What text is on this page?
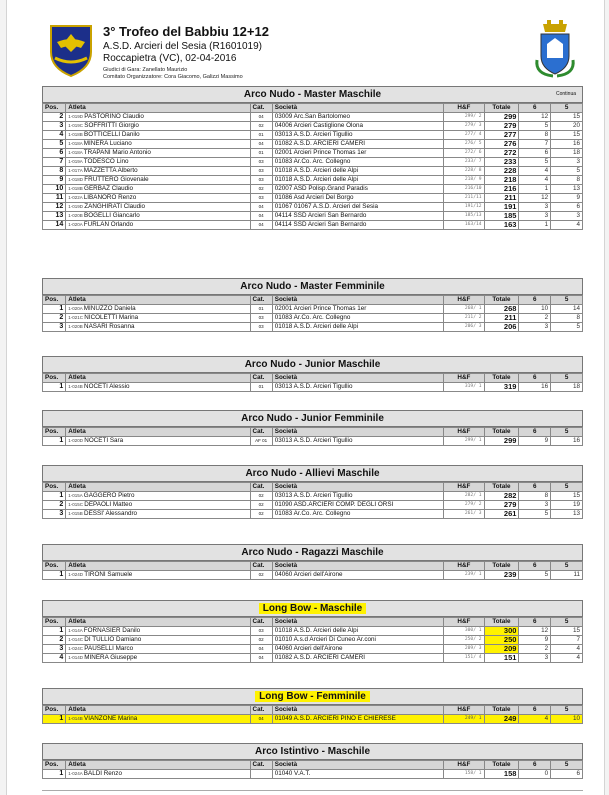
3° Trofeo del Babbiu 12+12
A.S.D. Arcieri del Sesia (R1601019)
Roccapietra (VC), 02-04-2016
Giudici di Gara: Zanellato Maurizio
Comitato Organizzatore: Cora Giacomo, Galizzi Massimo
Arco Nudo - Master Maschile	Continua
Pos.	Atleta	Cat.	Società	H&F	Totale	6	5
2	1-019D PASTORINO Claudio	04	03009 Arc.San Bartolomeo	299/ 2	299	12	15
3	1-019C SOFFRITTI Giorgio	02	04006 Arcieri Castiglione Olona	279/ 3	279	5	20
4	1-018B BOTTICELLI Danilo	01	03013 A.S.D. Arcieri Tigullio	277/ 4	277	8	15
5	1-018A MINERA Luciano	04	01082 A.S.D. ARCIERI CAMERI	276/ 5	276	7	16
6	1-018A TRAPANI Mario Antonio	01	02001 Arcieri Prince Thomas 1er	272/ 6	272	6	18
7	1-019A TODESCO Lino	03	01083 Ar.Co. Arc. Collegno	233/ 7	233	5	3
8	1-017A MAZZETTA Alberto	03	01018 A.S.D. Arcieri delle Alpi	228/ 8	228	4	5
9	1-018D FRUTTERO Giovenale	03	01018 A.S.D. Arcieri delle Alpi	218/ 9	218	4	8
10	1-018B GERBAZ Claudio	02	02007 ASD Polisp.Grand Paradis	216/10	216	1	13
11	1-022A LIBANORO Renzo	03	01086 Asd Arcieri Del Borgo	211/11	211	12	9
12	1-019D ZANGHIRATI Claudio	04	01067 01067 A.S.D. Arcieri del Sesia	191/12	191	3	6
13	1-020B BOGELLI Giancarlo	04	04114 SSD Arcieri San Bernardo	185/13	185	3	3
14	1-020A FURLAN Orlando	04	04114 SSD Arcieri San Bernardo	163/14	163	1	4
Arco Nudo - Master Femminile
Pos.	Atleta	Cat.	Società	H&F	Totale	6	5
1	1-020A MINUZZO Daniela	01	02001 Arcieri Prince Thomas 1er	268/ 1	268	10	14
2	1-021C NICOLETTI Marina	03	01083 Ar.Co. Arc. Collegno	211/ 2	211	2	8
3	1-020B NASARI Rosanna	03	01018 A.S.D. Arcieri delle Alpi	206/ 3	206	3	5
Arco Nudo - Junior Maschile
Pos.	Atleta	Cat.	Società	H&F	Totale	6	5
1	1-024B NOCETI Alessio	01	03013 A.S.D. Arcieri Tigullio	319/ 1	319	16	18
Arco Nudo - Junior Femminile
Pos.	Atleta	Cat.	Società	H&F	Totale	6	5
1	1-020D NOCETI Sara	AF 01	03013 A.S.D. Arcieri Tigullio	299/ 1	299	9	16
Arco Nudo - Allievi Maschile
Pos.	Atleta	Cat.	Società	H&F	Totale	6	5
1	1-015A GAGGERO Pietro	02	03013 A.S.D. Arcieri Tigullio	282/ 1	282	8	15
2	1-015C DEPAOLI Matteo	02	01090 ASD.ARCIERI COMP. DEGLI ORSI	279/ 2	279	3	19
3	1-015B DESSI' Alessandro	02	01083 Ar.Co. Arc. Collegno	261/ 3	261	5	13
Arco Nudo - Ragazzi Maschile
Pos.	Atleta	Cat.	Società	H&F	Totale	6	5
1	1-024D TIRONI Samuele	02	04060 Arcieri dell'Airone	239/ 1	239	5	11
Long Bow - Maschile
Pos.	Atleta	Cat.	Società	H&F	Totale	6	5
1	1-014A FORNASIER Danilo	03	01018 A.S.D. Arcieri delle Alpi	300/ 1	300	12	15
2	1-014C DI TULLIO Damiano	02	01010 A.s.d Arcieri Di Cuneo Ar.coni	250/ 2	250	9	7
3	1-024C PAUSELLI Marco	04	04060 Arcieri dell'Airone	209/ 3	209	2	4
4	1-014D MINERA Giuseppe	04	01082 A.S.D. ARCIERI CAMERI	151/ 4	151	3	4
Long Bow - Femminile
Pos.	Atleta	Cat.	Società	H&F	Totale	6	5
1	1-014B VIANZONE Marina	04	01049 A.S.D. ARCIERI PINO E CHIERESE	249/ 1	249	4	10
Arco Istintivo - Maschile
Pos.	Atleta	Cat.	Società	H&F	Totale	6	5
1	1-024A BALDI Renzo		01040 V.A.T.	158/ 1	158	0	6
